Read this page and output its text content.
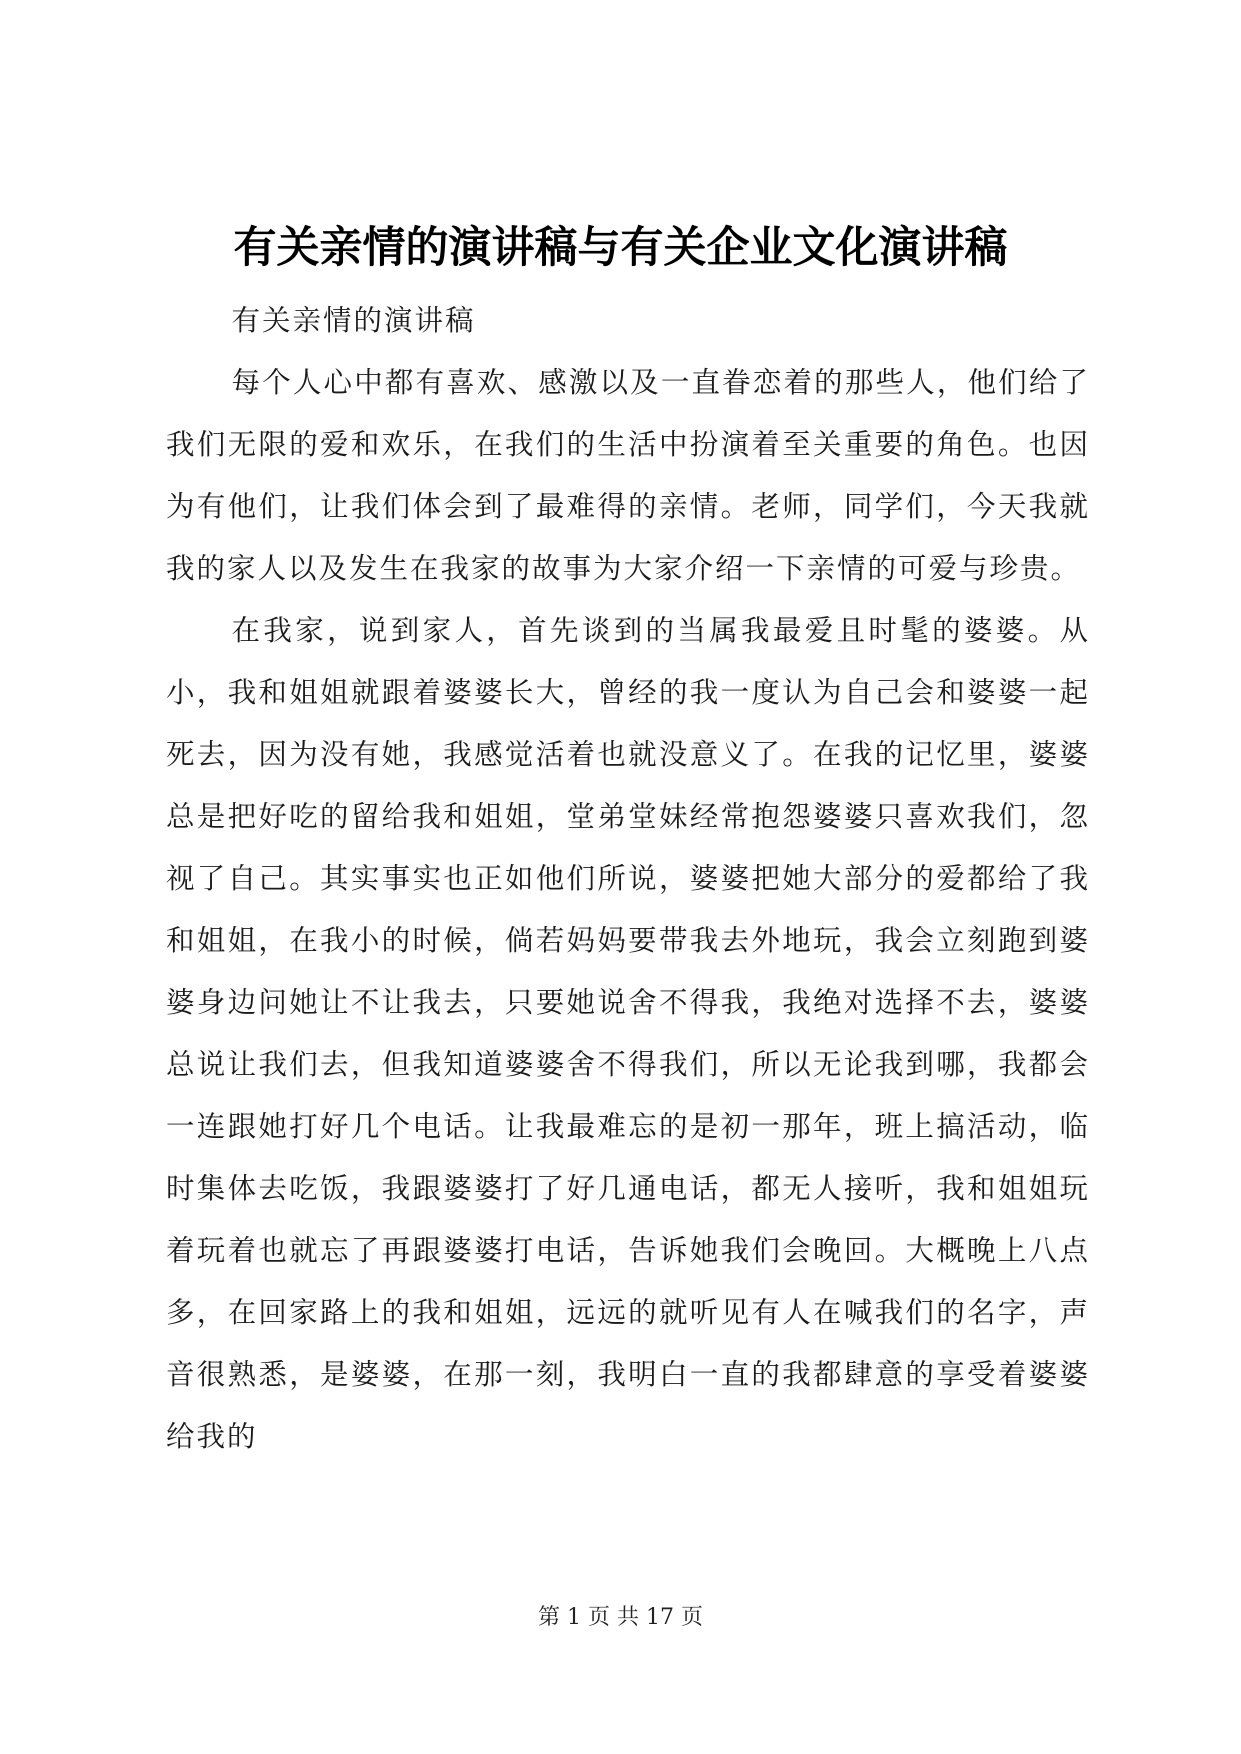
有关亲情的演讲稿与有关企业文化演讲稿

有关亲情的演讲稿

每个人心中都有喜欢、感激以及一直眷恋着的那些人，他们给了我们无限的爱和欢乐，在我们的生活中扮演着至关重要的角色。也因为有他们，让我们体会到了最难得的亲情。老师，同学们，今天我就我的家人以及发生在我家的故事为大家介绍一下亲情的可爱与珍贵。

在我家，说到家人，首先谈到的当属我最爱且时髦的婆婆。从小，我和姐姐就跟着婆婆长大，曾经的我一度认为自己会和婆婆一起死去，因为没有她，我感觉活着也就没意义了。在我的记忆里，婆婆总是把好吃的留给我和姐姐，堂弟堂妹经常抱怨婆婆只喜欢我们，忽视了自己。其实事实也正如他们所说，婆婆把她大部分的爱都给了我和姐姐，在我小的时候，倘若妈妈要带我去外地玩，我会立刻跑到婆婆身边问她让不让我去，只要她说舍不得我，我绝对选择不去，婆婆总说让我们去，但我知道婆婆舍不得我们，所以无论我到哪，我都会一连跟她打好几个电话。让我最难忘的是初一那年，班上搞活动，临时集体去吃饭，我跟婆婆打了好几通电话，都无人接听，我和姐姐玩着玩着也就忘了再跟婆婆打电话，告诉她我们会晚回。大概晚上八点多，在回家路上的我和姐姐，远远的就听见有人在喊我们的名字，声音很熟悉，是婆婆，在那一刻，我明白一直的我都肆意的享受着婆婆给我的

第 1 页 共 17 页
